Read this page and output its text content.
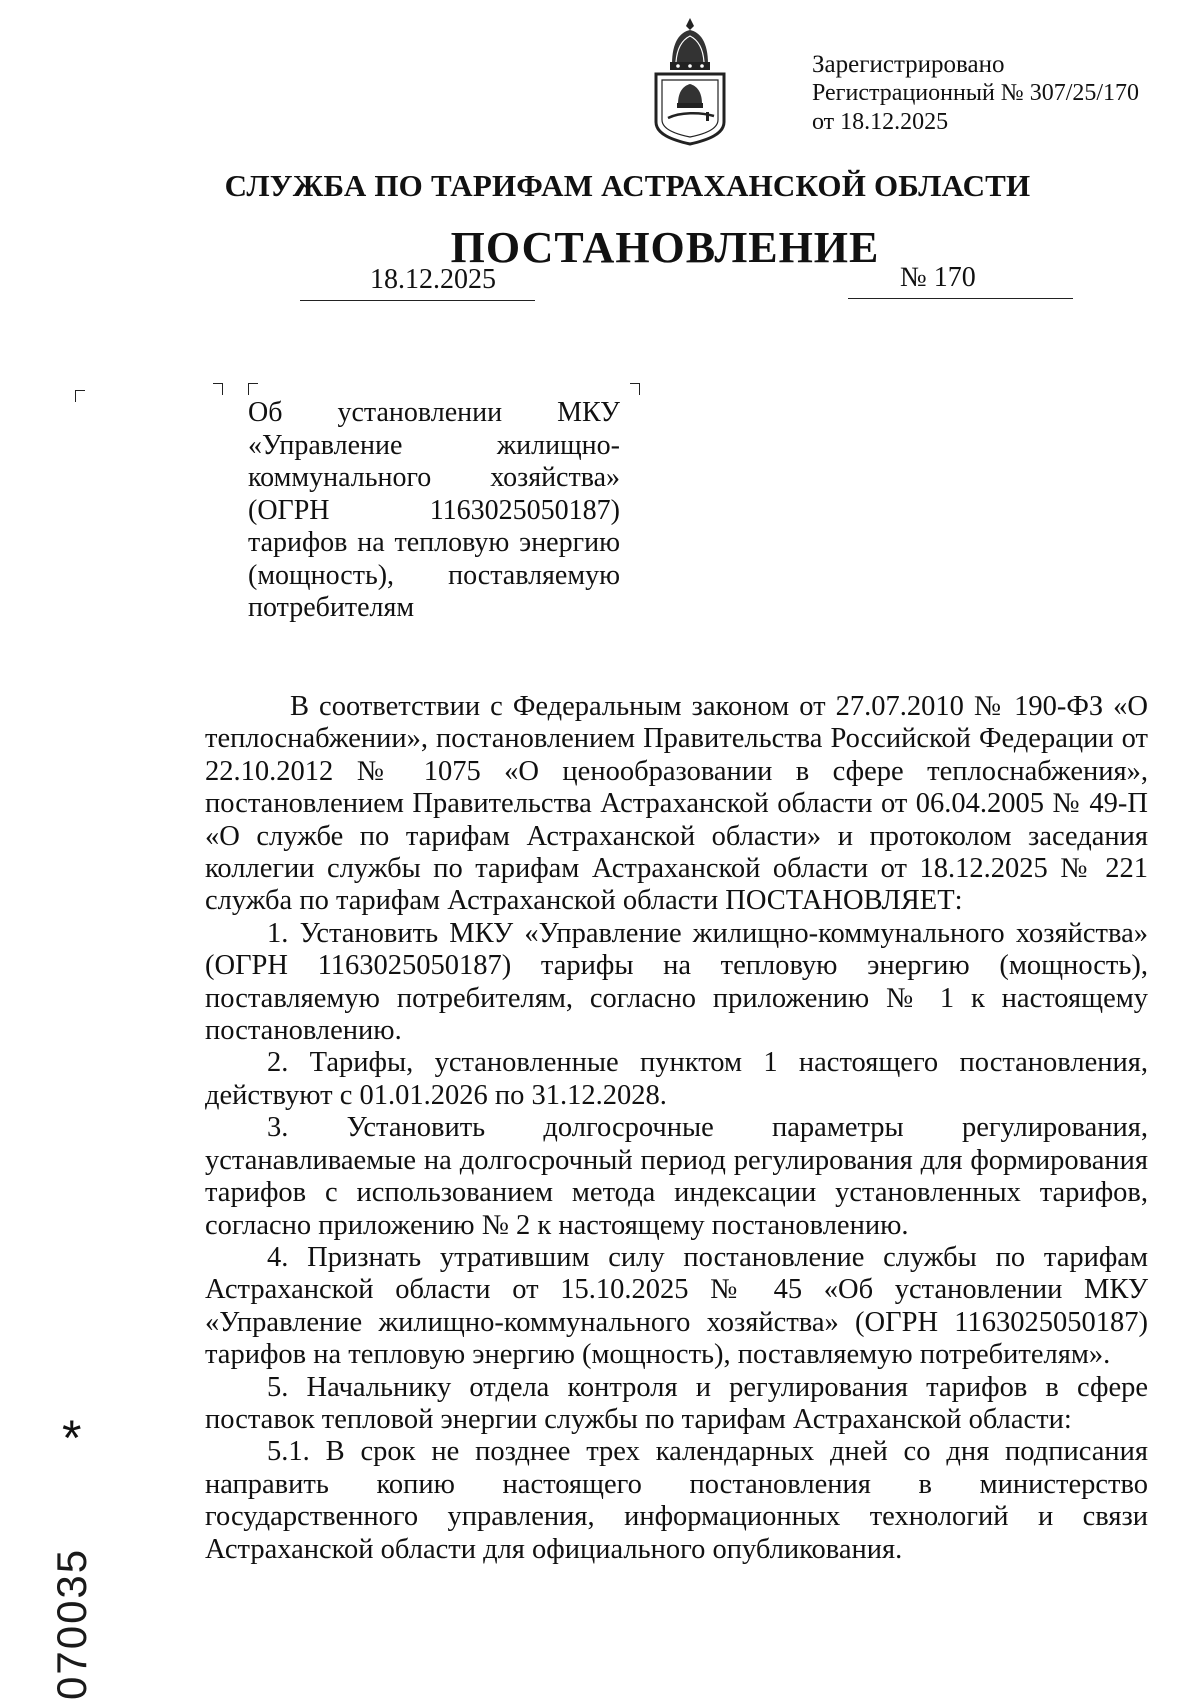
Зарегистрировано
Регистрационный № 307/25/170
от 18.12.2025
СЛУЖБА ПО ТАРИФАМ АСТРАХАНСКОЙ ОБЛАСТИ
ПОСТАНОВЛЕНИЕ
18.12.2025	№ 170
Об установлении МКУ
«Управление жилищно-
коммунального хозяйства»
(ОГРН 1163025050187)
тарифов на тепловую энергию
(мощность), поставляемую
потребителям

В соответствии с Федеральным законом от 27.07.2010 № 190-ФЗ «О теплоснабжении», постановлением Правительства Российской Федерации от 22.10.2012 № 1075 «О ценообразовании в сфере теплоснабжения», постановлением Правительства Астраханской области от 06.04.2005 № 49-П «О службе по тарифам Астраханской области» и протоколом заседания коллегии службы по тарифам Астраханской области от 18.12.2025 № 221 служба по тарифам Астраханской области ПОСТАНОВЛЯЕТ:

1. Установить МКУ «Управление жилищно-коммунального хозяйства» (ОГРН 1163025050187) тарифы на тепловую энергию (мощность), поставляемую потребителям, согласно приложению № 1 к настоящему постановлению.

2. Тарифы, установленные пунктом 1 настоящего постановления, действуют с 01.01.2026 по 31.12.2028.

3. Установить долгосрочные параметры регулирования, устанавливаемые на долгосрочный период регулирования для формирования тарифов с использованием метода индексации установленных тарифов, согласно приложению № 2 к настоящему постановлению.

4. Признать утратившим силу постановление службы по тарифам Астраханской области от 15.10.2025 № 45 «Об установлении МКУ «Управление жилищно-коммунального хозяйства» (ОГРН 1163025050187) тарифов на тепловую энергию (мощность), поставляемую потребителям».

5. Начальнику отдела контроля и регулирования тарифов в сфере поставок тепловой энергии службы по тарифам Астраханской области:

5.1. В срок не позднее трех календарных дней со дня подписания направить копию настоящего постановления в министерство государственного управления, информационных технологий и связи Астраханской области для официального опубликования.

*
070035
